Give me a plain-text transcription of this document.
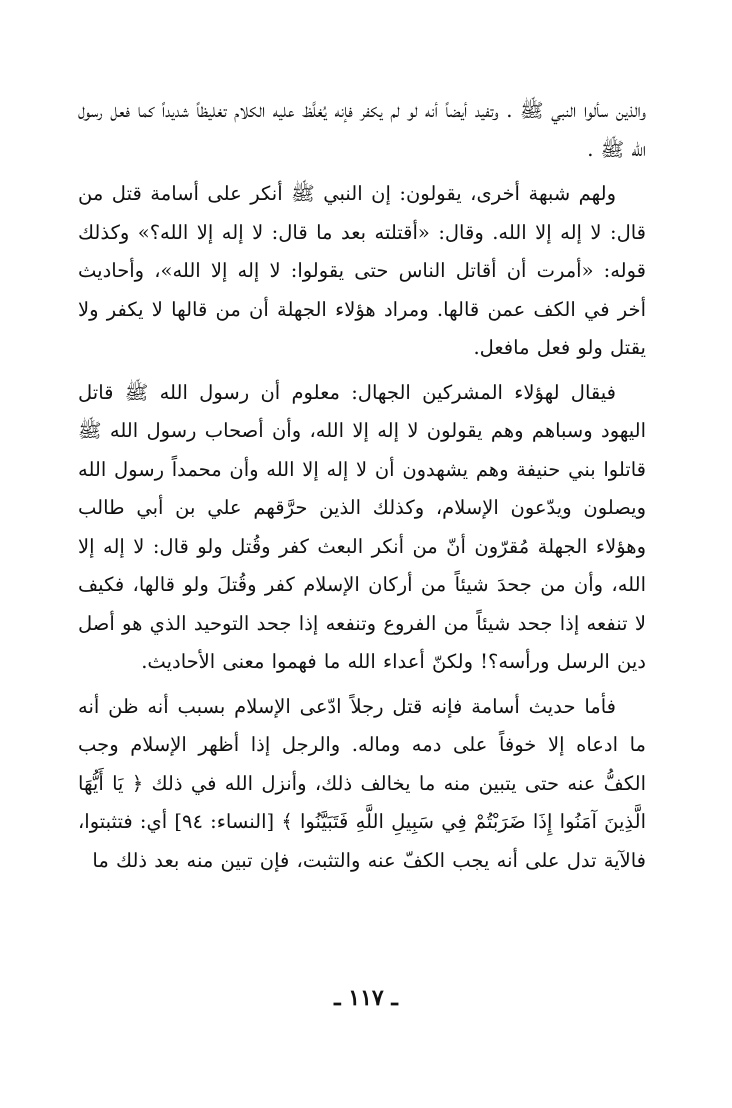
والذين سألوا النبي ﷺ . وتفيد أيضاً أنه لو لم يكفر فإنه يُغلَّظ عليه الكلام تغليظاً شديداً كما فعل رسول الله ﷺ .

ولهم شبهة أخرى، يقولون: إن النبي ﷺ أنكر على أسامة قتل من قال: لا إله إلا الله. وقال: «أقتلته بعد ما قال: لا إله إلا الله؟» وكذلك قوله: «أمرت أن أقاتل الناس حتى يقولوا: لا إله إلا الله»، وأحاديث أخر في الكف عمن قالها. ومراد هؤلاء الجهلة أن من قالها لا يكفر ولا يقتل ولو فعل مافعل.

فيقال لهؤلاء المشركين الجهال: معلوم أن رسول الله ﷺ قاتل اليهود وسباهم وهم يقولون لا إله إلا الله، وأن أصحاب رسول الله ﷺ قاتلوا بني حنيفة وهم يشهدون أن لا إله إلا الله وأن محمداً رسول الله ويصلون ويدّعون الإسلام، وكذلك الذين حرَّقهم علي بن أبي طالب وهؤلاء الجهلة مُقرّون أنّ من أنكر البعث كفر وقُتل ولو قال: لا إله إلا الله، وأن من جحدَ شيئاً من أركان الإسلام كفر وقُتلَ ولو قالها، فكيف لا تنفعه إذا جحد شيئاً من الفروع وتنفعه إذا جحد التوحيد الذي هو أصل دين الرسل ورأسه؟! ولكنّ أعداء الله ما فهموا معنى الأحاديث.

فأما حديث أسامة فإنه قتل رجلاً ادّعى الإسلام بسبب أنه ظن أنه ما ادعاه إلا خوفاً على دمه وماله. والرجل إذا أظهر الإسلام وجب الكفُّ عنه حتى يتبين منه ما يخالف ذلك، وأنزل الله في ذلك ﴿ يَا أَيُّهَا الَّذِينَ آمَنُوا إِذَا ضَرَبْتُمْ فِي سَبِيلِ اللَّهِ فَتَبَيَّنُوا ﴾ [النساء: ٩٤] أي: فتثبتوا، فالآية تدل على أنه يجب الكفّ عنه والتثبت، فإن تبين منه بعد ذلك ما

ـ ١١٧ ـ
